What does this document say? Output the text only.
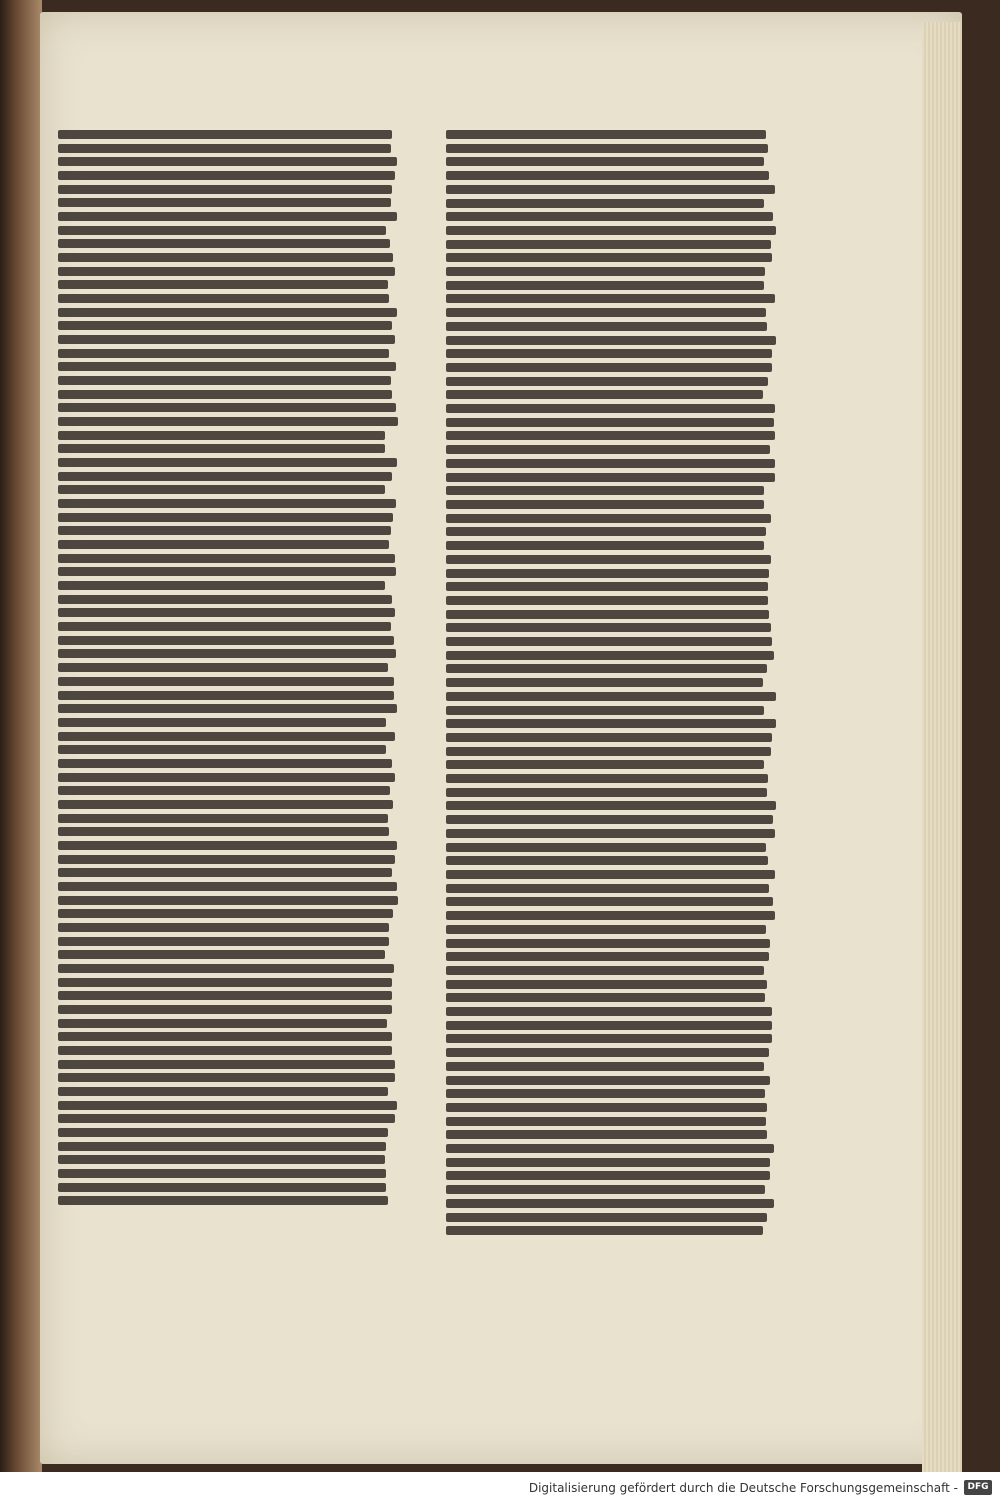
Digitalisierung gefördert durch die Deutsche Forschungsgemeinschaft -	DFG
